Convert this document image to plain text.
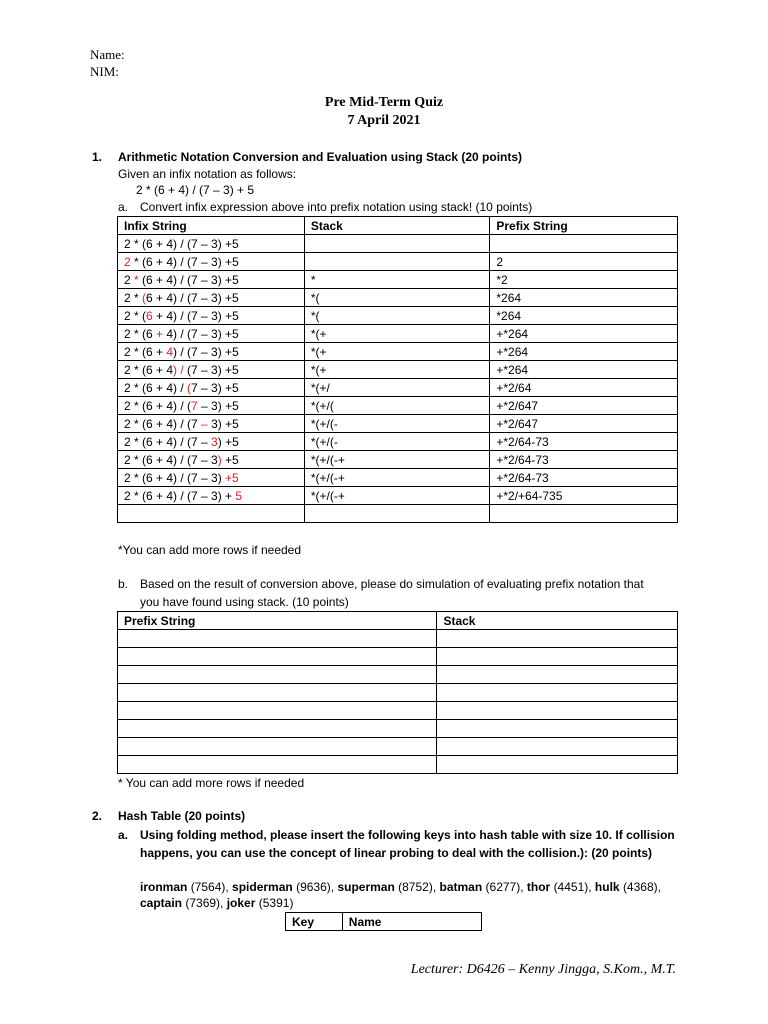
Name:
NIM:
Pre Mid-Term Quiz
7 April 2021
1. Arithmetic Notation Conversion and Evaluation using Stack (20 points)
Given an infix notation as follows:
2 * (6 + 4) / (7 – 3) + 5
a. Convert infix expression above into prefix notation using stack! (10 points)
Infix String	Stack	Prefix String
2 * (6 + 4) / (7 – 3) +5		
2 * (6 + 4) / (7 – 3) +5		2
2 * (6 + 4) / (7 – 3) +5	*	*2
2 * (6 + 4) / (7 – 3) +5	*(	*264
2 * (6 + 4) / (7 – 3) +5	*(	*264
2 * (6 + 4) / (7 – 3) +5	*(+	+*264
2 * (6 + 4) / (7 – 3) +5	*(+	+*264
2 * (6 + 4) / (7 – 3) +5	*(+	+*264
2 * (6 + 4) / (7 – 3) +5	*(+/	+*2/64
2 * (6 + 4) / (7 – 3) +5	*(+/(	+*2/647
2 * (6 + 4) / (7 – 3) +5	*(+/(-	+*2/647
2 * (6 + 4) / (7 – 3) +5	*(+/(-	+*2/64-73
2 * (6 + 4) / (7 – 3) +5	*(+/(-+	+*2/64-73
2 * (6 + 4) / (7 – 3) +5	*(+/(-+	+*2/64-73
2 * (6 + 4) / (7 – 3) + 5	*(+/(-+	+*2/+64-735

*You can add more rows if needed
b. Based on the result of conversion above, please do simulation of evaluating prefix notation that
you have found using stack. (10 points)
Prefix String	Stack

* You can add more rows if needed
2. Hash Table (20 points)
a. Using folding method, please insert the following keys into hash table with size 10. If collision
happens, you can use the concept of linear probing to deal with the collision.): (20 points)
ironman (7564), spiderman (9636), superman (8752), batman (6277), thor (4451), hulk (4368),
captain (7369), joker (5391)
Key	Name
Lecturer: D6426 – Kenny Jingga, S.Kom., M.T.
